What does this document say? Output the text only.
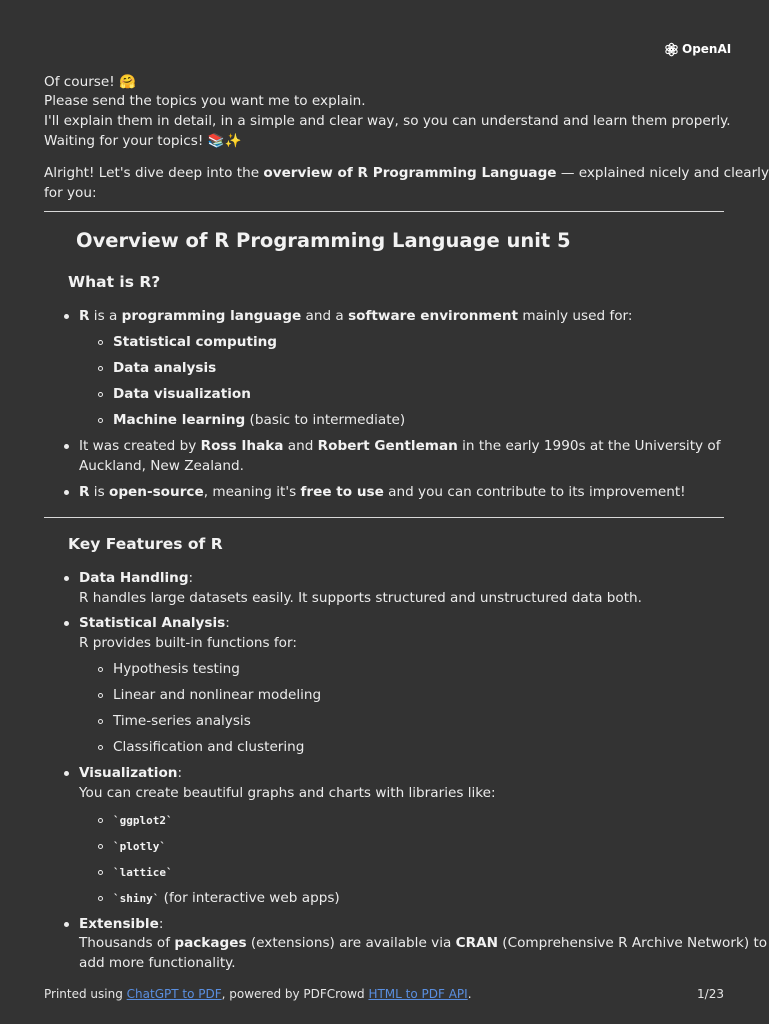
OpenAI
Of course! 🤗
Please send the topics you want me to explain.
I'll explain them in detail, in a simple and clear way, so you can understand and learn them properly.
Waiting for your topics! 📚✨
Alright! Let's dive deep into the overview of R Programming Language — explained nicely and clearly
for you:
Overview of R Programming Language unit 5
What is R?
R is a programming language and a software environment mainly used for:
Statistical computing
Data analysis
Data visualization
Machine learning (basic to intermediate)
It was created by Ross Ihaka and Robert Gentleman in the early 1990s at the University of
Auckland, New Zealand.
R is open-source, meaning it's free to use and you can contribute to its improvement!
Key Features of R
Data Handling:
R handles large datasets easily. It supports structured and unstructured data both.
Statistical Analysis:
R provides built-in functions for:
Hypothesis testing
Linear and nonlinear modeling
Time-series analysis
Classification and clustering
Visualization:
You can create beautiful graphs and charts with libraries like:
`ggplot2`
`plotly`
`lattice`
`shiny` (for interactive web apps)
Extensible:
Thousands of packages (extensions) are available via CRAN (Comprehensive R Archive Network) to
add more functionality.
Printed using ChatGPT to PDF, powered by PDFCrowd HTML to PDF API.	1/23
